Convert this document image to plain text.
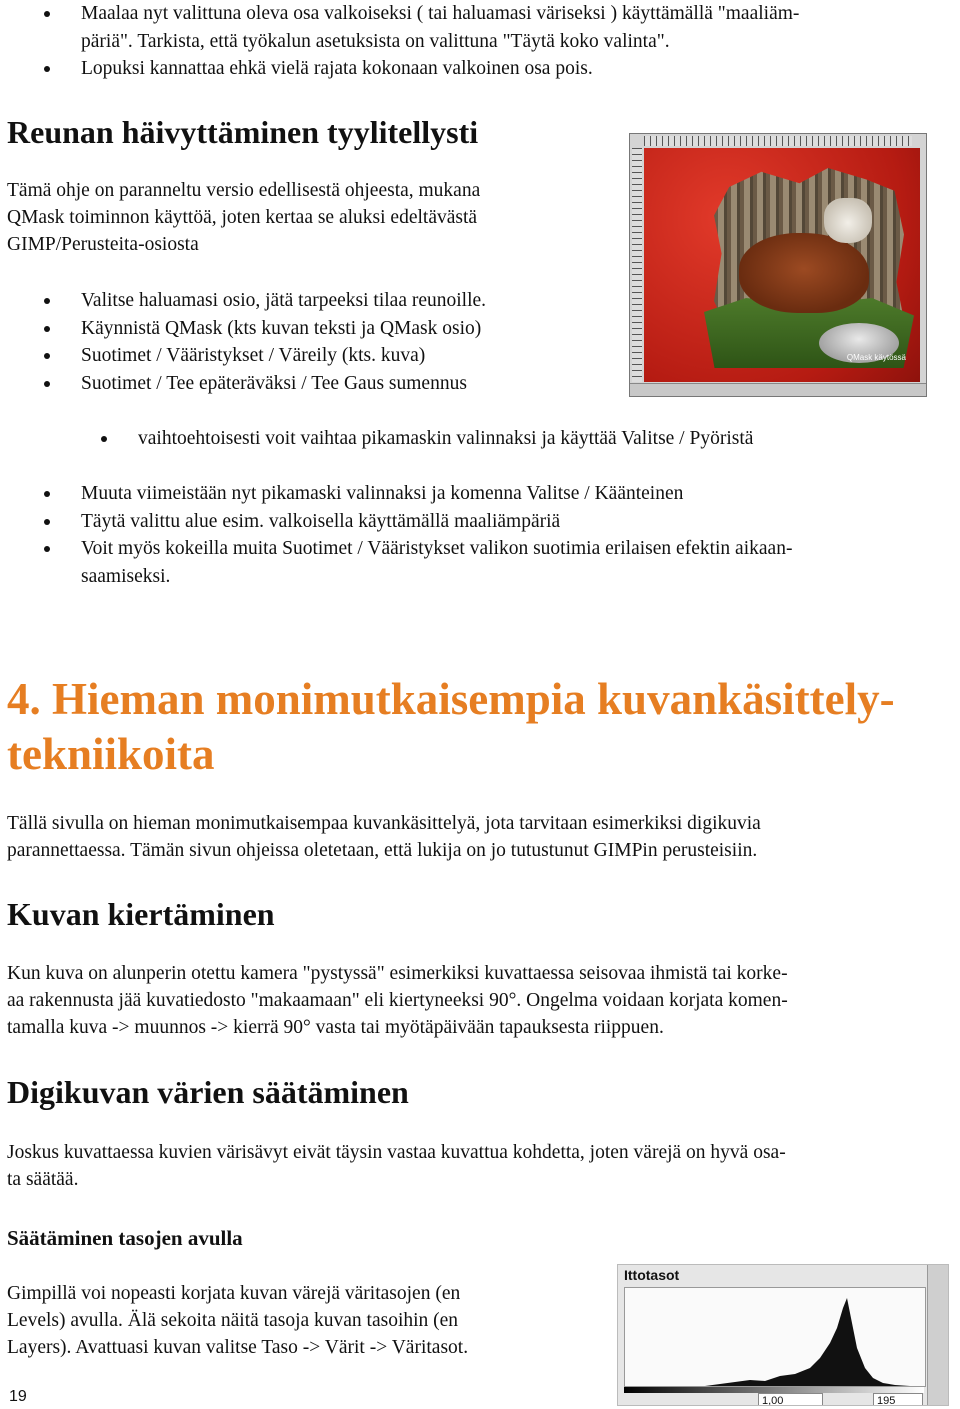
Maalaa nyt valittuna oleva osa valkoiseksi ( tai haluamasi väriseksi ) käyttämällä "maaliäm-
päriä". Tarkista, että työkalun asetuksista on valittuna "Täytä koko valinta".
Lopuksi kannattaa ehkä vielä rajata kokonaan valkoinen osa pois.
Reunan häivyttäminen tyylitellysti

Tämä ohje on paranneltu versio edellisestä ohjeesta, mukana

QMask toiminnon käyttöä, joten kertaa se aluksi edeltävästä

GIMP/Perusteita-osiosta

Valitse haluamasi osio, jätä tarpeeksi tilaa reunoille.
Käynnistä QMask (kts kuvan teksti ja QMask osio)
Suotimet / Vääristykset / Väreily (kts. kuva)
Suotimet / Tee epäteräväksi / Tee Gaus sumennus
QMask käytössä
vaihtoehtoisesti voit vaihtaa pikamaskin valinnaksi ja käyttää Valitse / Pyöristä
Muuta viimeistään nyt pikamaski valinnaksi ja komenna Valitse / Käänteinen
Täytä valittu alue esim. valkoisella käyttämällä maaliämpäriä
Voit myös kokeilla muita Suotimet / Vääristykset valikon suotimia erilaisen efektin aikaan-
saamiseksi.
4. Hieman monimutkaisempia kuvankäsittely-
tekniikoita

Tällä sivulla on hieman monimutkaisempaa kuvankäsittelyä, jota tarvitaan esimerkiksi digikuvia

parannettaessa. Tämän sivun ohjeissa oletetaan, että lukija on jo tutustunut GIMPin perusteisiin.

Kuvan kiertäminen

Kun kuva on alunperin otettu kamera "pystyssä" esimerkiksi kuvattaessa seisovaa ihmistä tai korke-

aa rakennusta jää kuvatiedosto "makaamaan" eli kiertyneeksi 90°. Ongelma voidaan korjata komen-

tamalla kuva -> muunnos -> kierrä 90° vasta tai myötäpäivään tapauksesta riippuen.

Digikuvan värien säätäminen

Joskus kuvattaessa kuvien värisävyt eivät täysin vastaa kuvattua kohdetta, joten värejä on hyvä osa-

ta säätää.

Säätäminen tasojen avulla

Gimpillä voi nopeasti korjata kuvan värejä väritasojen (en

Levels) avulla. Älä sekoita näitä tasoja kuvan tasoihin (en

Layers). Avattuasi kuvan valitse Taso -> Värit -> Väritasot.

Ittotasot
1,00	195
19
